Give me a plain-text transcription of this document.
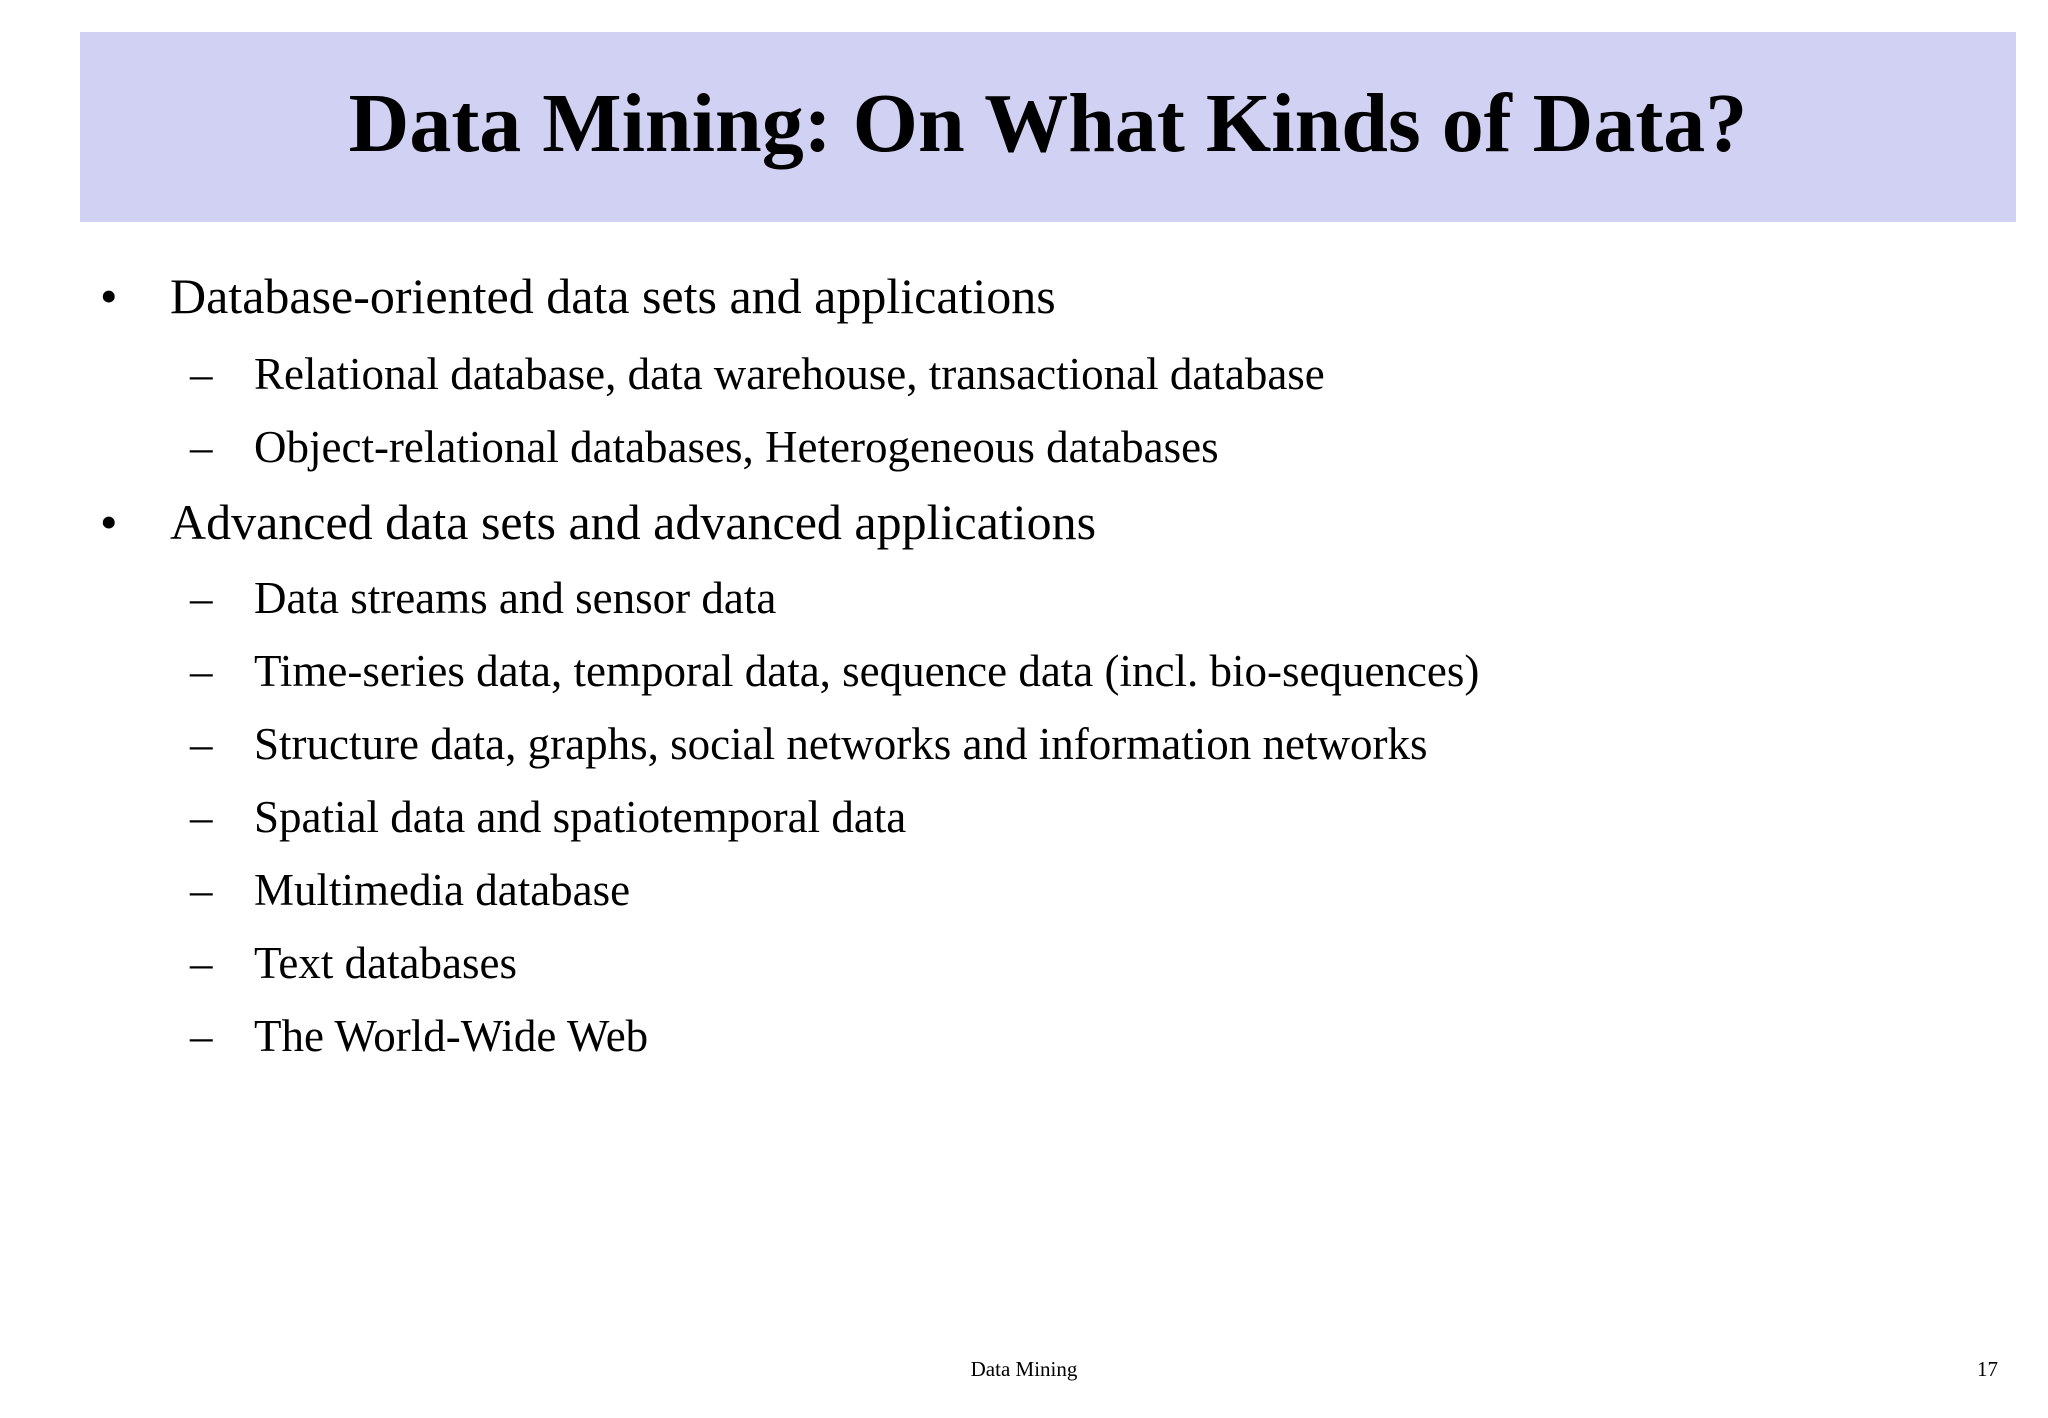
Data Mining: On What Kinds of Data?
• Database-oriented data sets and applications
– Relational database, data warehouse, transactional database
– Object-relational databases, Heterogeneous databases
• Advanced data sets and advanced applications
– Data streams and sensor data
– Time-series data, temporal data, sequence data (incl. bio-sequences)
– Structure data, graphs, social networks and information networks
– Spatial data and spatiotemporal data
– Multimedia database
– Text databases
– The World-Wide Web
Data Mining	17
